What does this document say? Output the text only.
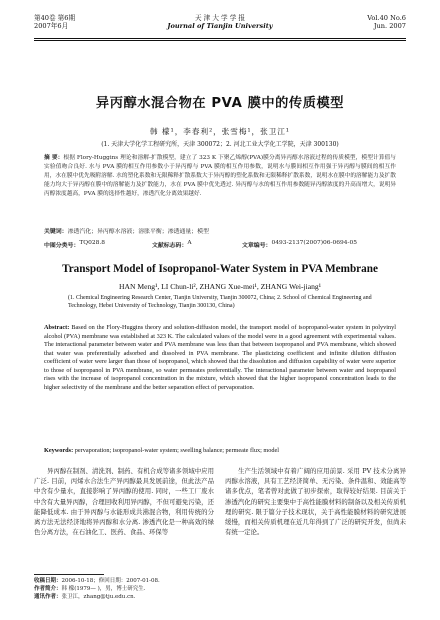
第40卷 第6期
2007年6月
天 津 大 学 学 报
Journal of Tianjin University
Vol.40 No.6
Jun. 2007
异丙醇水混合物在 PVA 膜中的传质模型
韩 檬¹，李春利²，张雪梅¹，张卫江¹
(1. 天津大学化学工程研究所，天津 300072；2. 河北工业大学化工学院，天津 300130)
摘 要：根据 Flory-Huggins 理论和溶解-扩散模型，建立了 323 K 下聚乙烯醇(PVA)膜分离异丙醇水溶液过程的传质模型，模型计算值与实验值吻合良好. 水与 PVA 膜的相互作用参数小于异丙醇与 PVA 膜的相互作用参数，说明水与膜间相互作用强于异丙醇与膜间的相互作用，水在膜中优先吸附溶解. 水的塑化系数和无限稀释扩散系数大于异丙醇的塑化系数和无限稀释扩散系数，说明水在膜中的溶解能力及扩散能力均大于异丙醇在膜中的溶解能力及扩散能力，水在 PVA 膜中优先透过. 异丙醇与水的相互作用参数随异丙醇浓度的升高而增大，说明异丙醇浓度越高，PVA 膜的选择性越好，渗透汽化分离效果越好.
关键词：渗透汽化；异丙醇水溶液；溶胀平衡；渗透通量；模型
中图分类号： TQ028.8	文献标志码： A	文章编号： 0493-2137(2007)06-0694-05
Transport Model of Isopropanol-Water System in PVA Membrane
HAN Meng¹, LI Chun-li², ZHANG Xue-mei¹, ZHANG Wei-jiang¹
(1. Chemical Engineering Research Center, Tianjin University, Tianjin 300072, China; 2. School of Chemical Engineering and Technology, Hebei University of Technology, Tianjin 300130, China)
Abstract: Based on the Flory-Huggins theory and solution-diffusion model, the transport model of isopropanol-water system in polyvinyl alcohol (PVA) membrane was established at 323 K. The calculated values of the model were in a good agreement with experimental values. The interactional parameter between water and PVA membrane was less than that between isopropanol and PVA membrane, which showed that water was preferentially adsorbed and dissolved in PVA membrane. The plasticizing coefficient and infinite dilution diffusion coefficient of water were larger than those of isopropanol, which showed that the dissolution and diffusion capability of water were superior to those of isopropanol in PVA membrane, so water permeates preferentially. The interactional parameter between water and isopropanol rises with the increase of isopropanol concentration in the mixture, which showed that the higher isopropanol concentration leads to the higher selectivity of the membrane and the better separation effect of pervaporation.
Keywords: pervaporation; isopropanol-water system; swelling balance; permeate flux; model

异丙醇在制剂、清洗剂、制药、有机合成等诸多领域中应用广泛. 目前，丙烯水合法生产异丙醇最具发展前途，但此法产品中含有少量水，直接影响了异丙醇的使用. 同时，一些工厂废水中含有大量异丙醇，合理回收利用异丙醇，不但可避免污染，还能降低成本. 由于异丙醇与水能形成共沸混合物，利用传统的分离方法无法经济地将异丙醇和水分离. 渗透汽化是一种高效的绿色分离方法，在石油化工、医药、食品、环保等

生产生活领域中有着广阔的应用前景. 采用 PV 技术分离异丙醇水溶液，具有工艺经济简单、无污染、条件温和、效能高等诸多优点，笔者曾对此做了初步探索，取得较好结果. 目前关于渗透汽化的研究主要集中于高性能膜材料的制备以及相关传质机理的研究. 限于篇分子技术现状，关于高性能膜材料的研究进展缓慢，而相关传质机理在近几年得到了广泛的研究开发，但尚未有统一定论。

收稿日期：2006-10-18；修回日期：2007-01-08.
作者简介：韩 檬(1979— )，男，博士研究生.
通讯作者：张卫江，zhang@tju.edu.cn.
